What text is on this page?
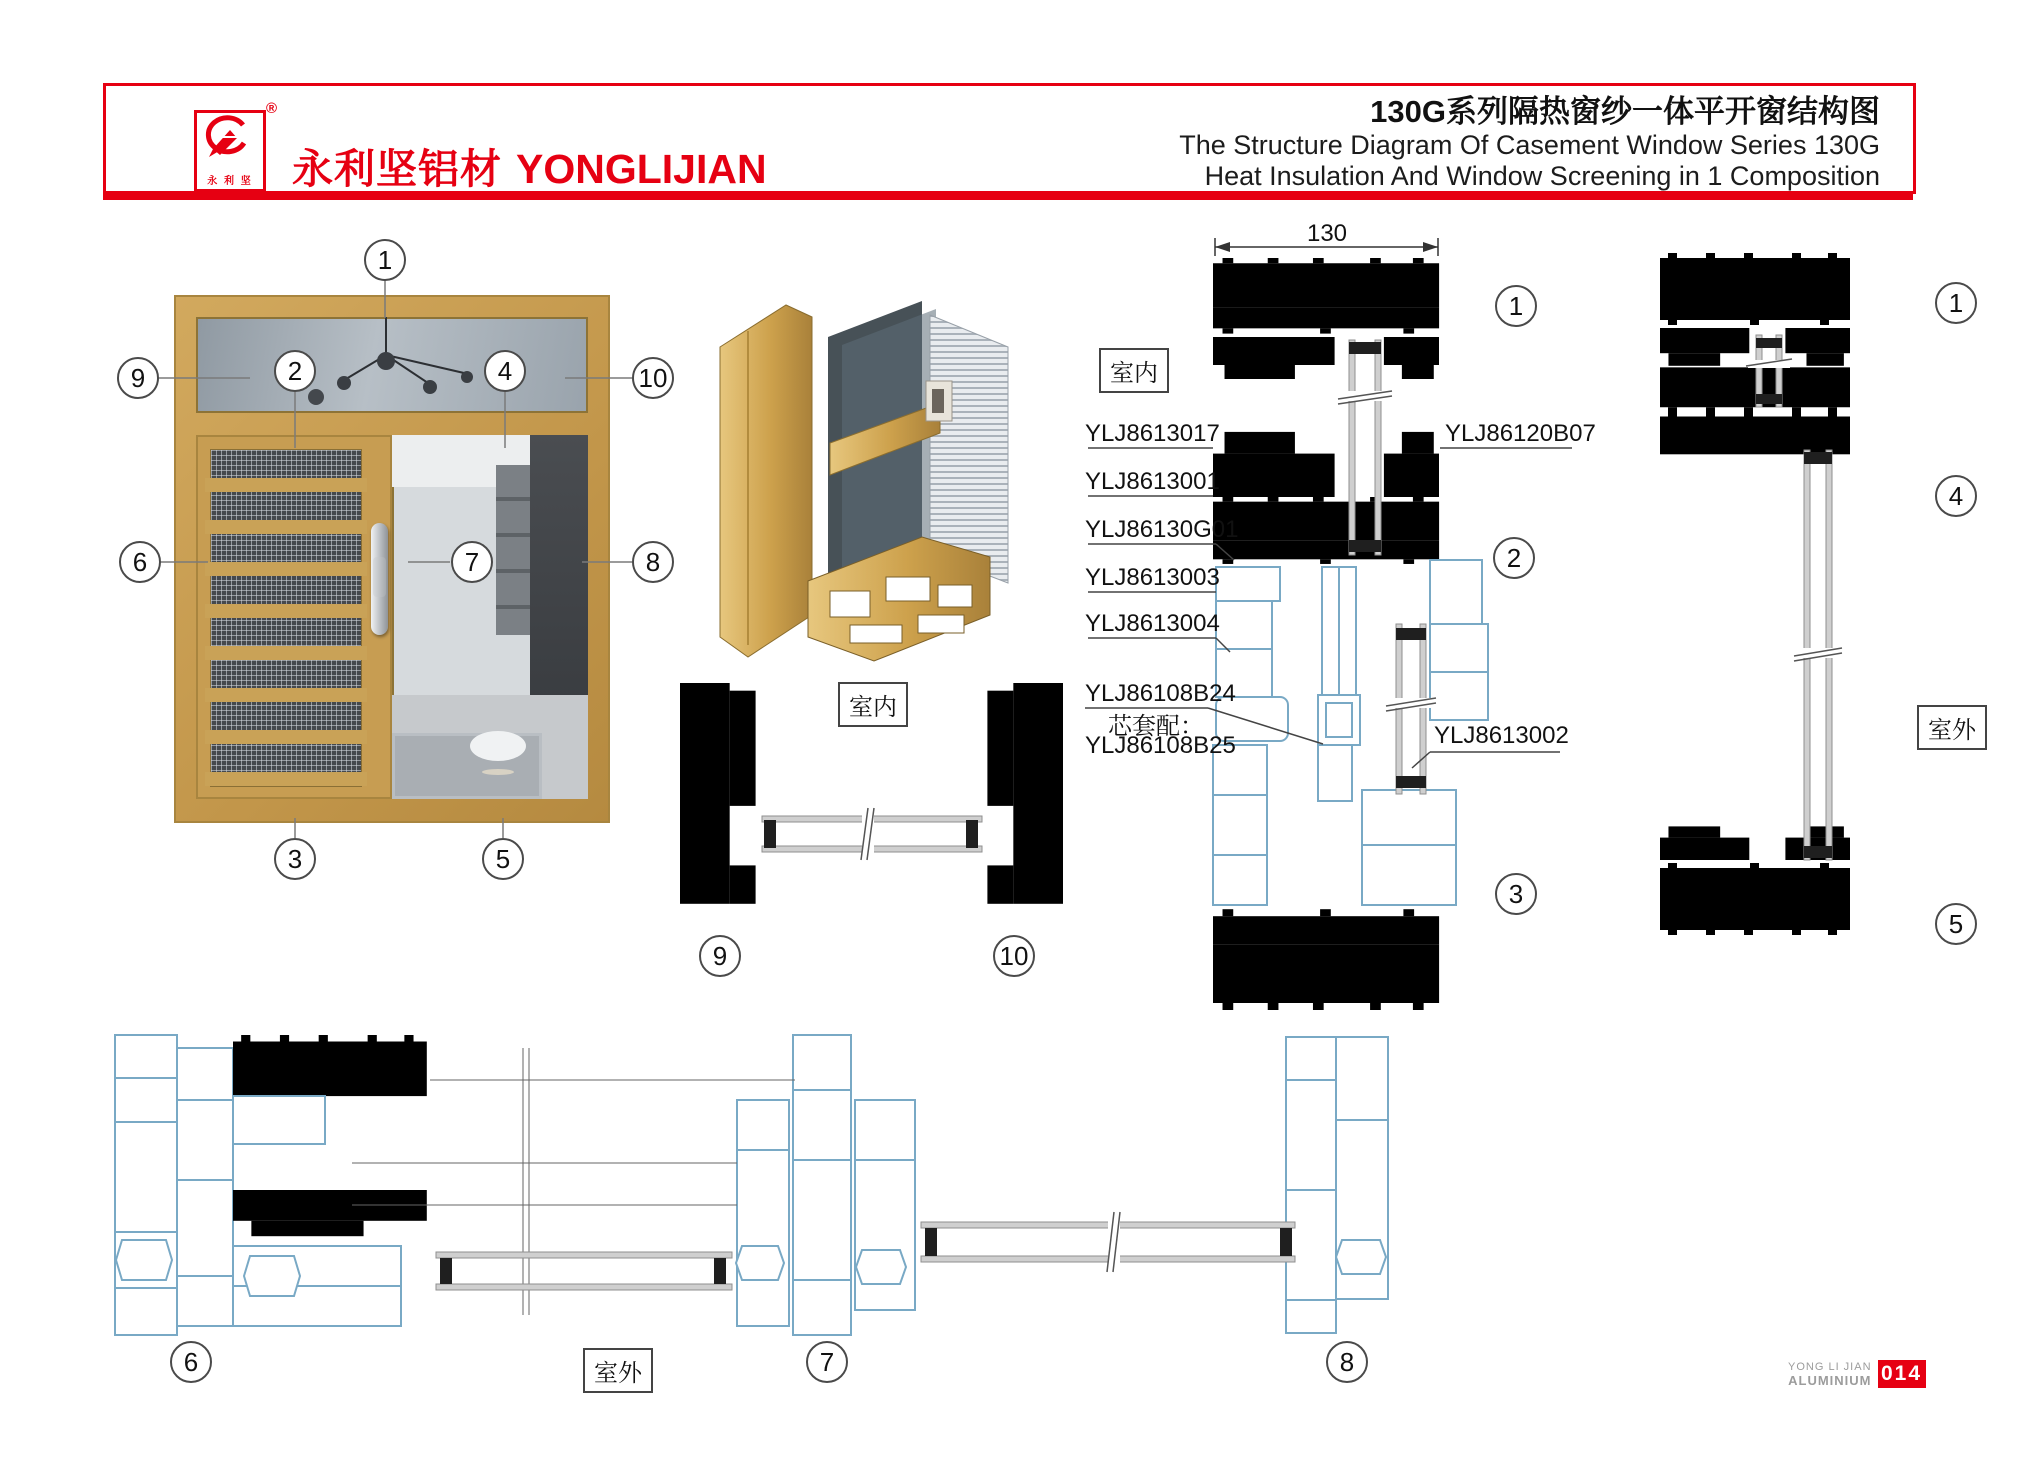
永 利 坚
®
永利坚铝材 YONGLIJIAN
130G系列隔热窗纱一体平开窗结构图
The Structure Diagram Of Casement Window Series 130G
Heat Insulation And Window Screening in 1 Composition
1
2	4
9	10
6	7	8
3	5
9	10
1
2
3
1
4
5
6	7	8
室内
室内
室外
室外
130
YLJ8613017
YLJ8613001
YLJ86130G01
YLJ8613003
YLJ8613004
YLJ86120B07
YLJ86108B24
芯套配：
YLJ86108B25	YLJ8613002
YONG LI JIAN
ALUMINIUM 014
